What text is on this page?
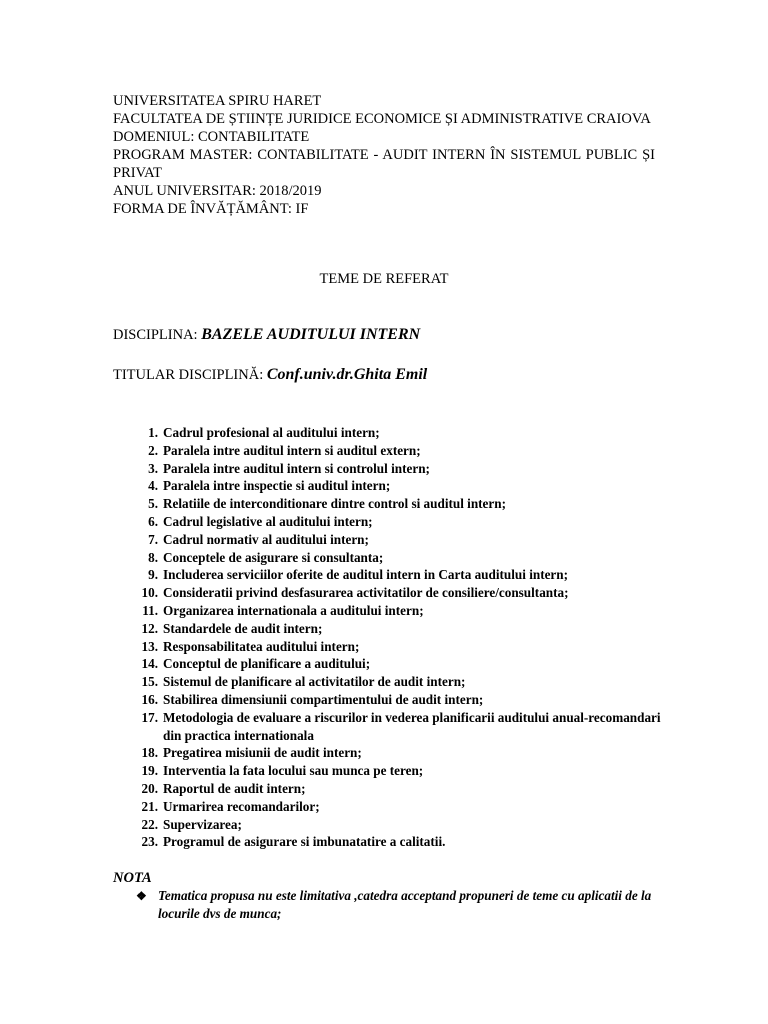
UNIVERSITATEA SPIRU HARET
FACULTATEA DE ȘTIINȚE JURIDICE ECONOMICE ȘI ADMINISTRATIVE CRAIOVA
DOMENIUL: CONTABILITATE
PROGRAM MASTER: CONTABILITATE - AUDIT INTERN ÎN SISTEMUL PUBLIC ȘI PRIVAT
ANUL UNIVERSITAR: 2018/2019
FORMA DE ÎNVĂȚĂMÂNT: IF
TEME DE REFERAT
DISCIPLINA: BAZELE AUDITULUI INTERN
TITULAR DISCIPLINĂ: Conf.univ.dr.Ghita Emil
1. Cadrul profesional al auditului intern;
2. Paralela intre auditul intern si auditul extern;
3. Paralela intre auditul intern si controlul intern;
4. Paralela intre inspectie si auditul intern;
5. Relatiile de interconditionare dintre control si auditul intern;
6. Cadrul legislative al auditului intern;
7. Cadrul normativ al auditului intern;
8. Conceptele de asigurare si consultanta;
9. Includerea serviciilor oferite de auditul intern in Carta auditului intern;
10. Consideratii privind desfasurarea activitatilor de consiliere/consultanta;
11. Organizarea internationala a auditului intern;
12. Standardele de audit intern;
13. Responsabilitatea auditului intern;
14. Conceptul de planificare a auditului;
15. Sistemul de planificare al activitatilor de audit intern;
16. Stabilirea dimensiunii compartimentului de audit intern;
17. Metodologia de evaluare a riscurilor in vederea planificarii auditului anual-recomandari din practica internationala
18. Pregatirea misiunii de audit intern;
19. Interventia la fata locului sau munca pe teren;
20. Raportul de audit intern;
21. Urmarirea recomandarilor;
22. Supervizarea;
23. Programul de asigurare si imbunatatire a calitatii.
NOTA
❖ Tematica propusa nu este limitativa ,catedra acceptand propuneri de teme cu aplicatii de la locurile dvs de munca;
